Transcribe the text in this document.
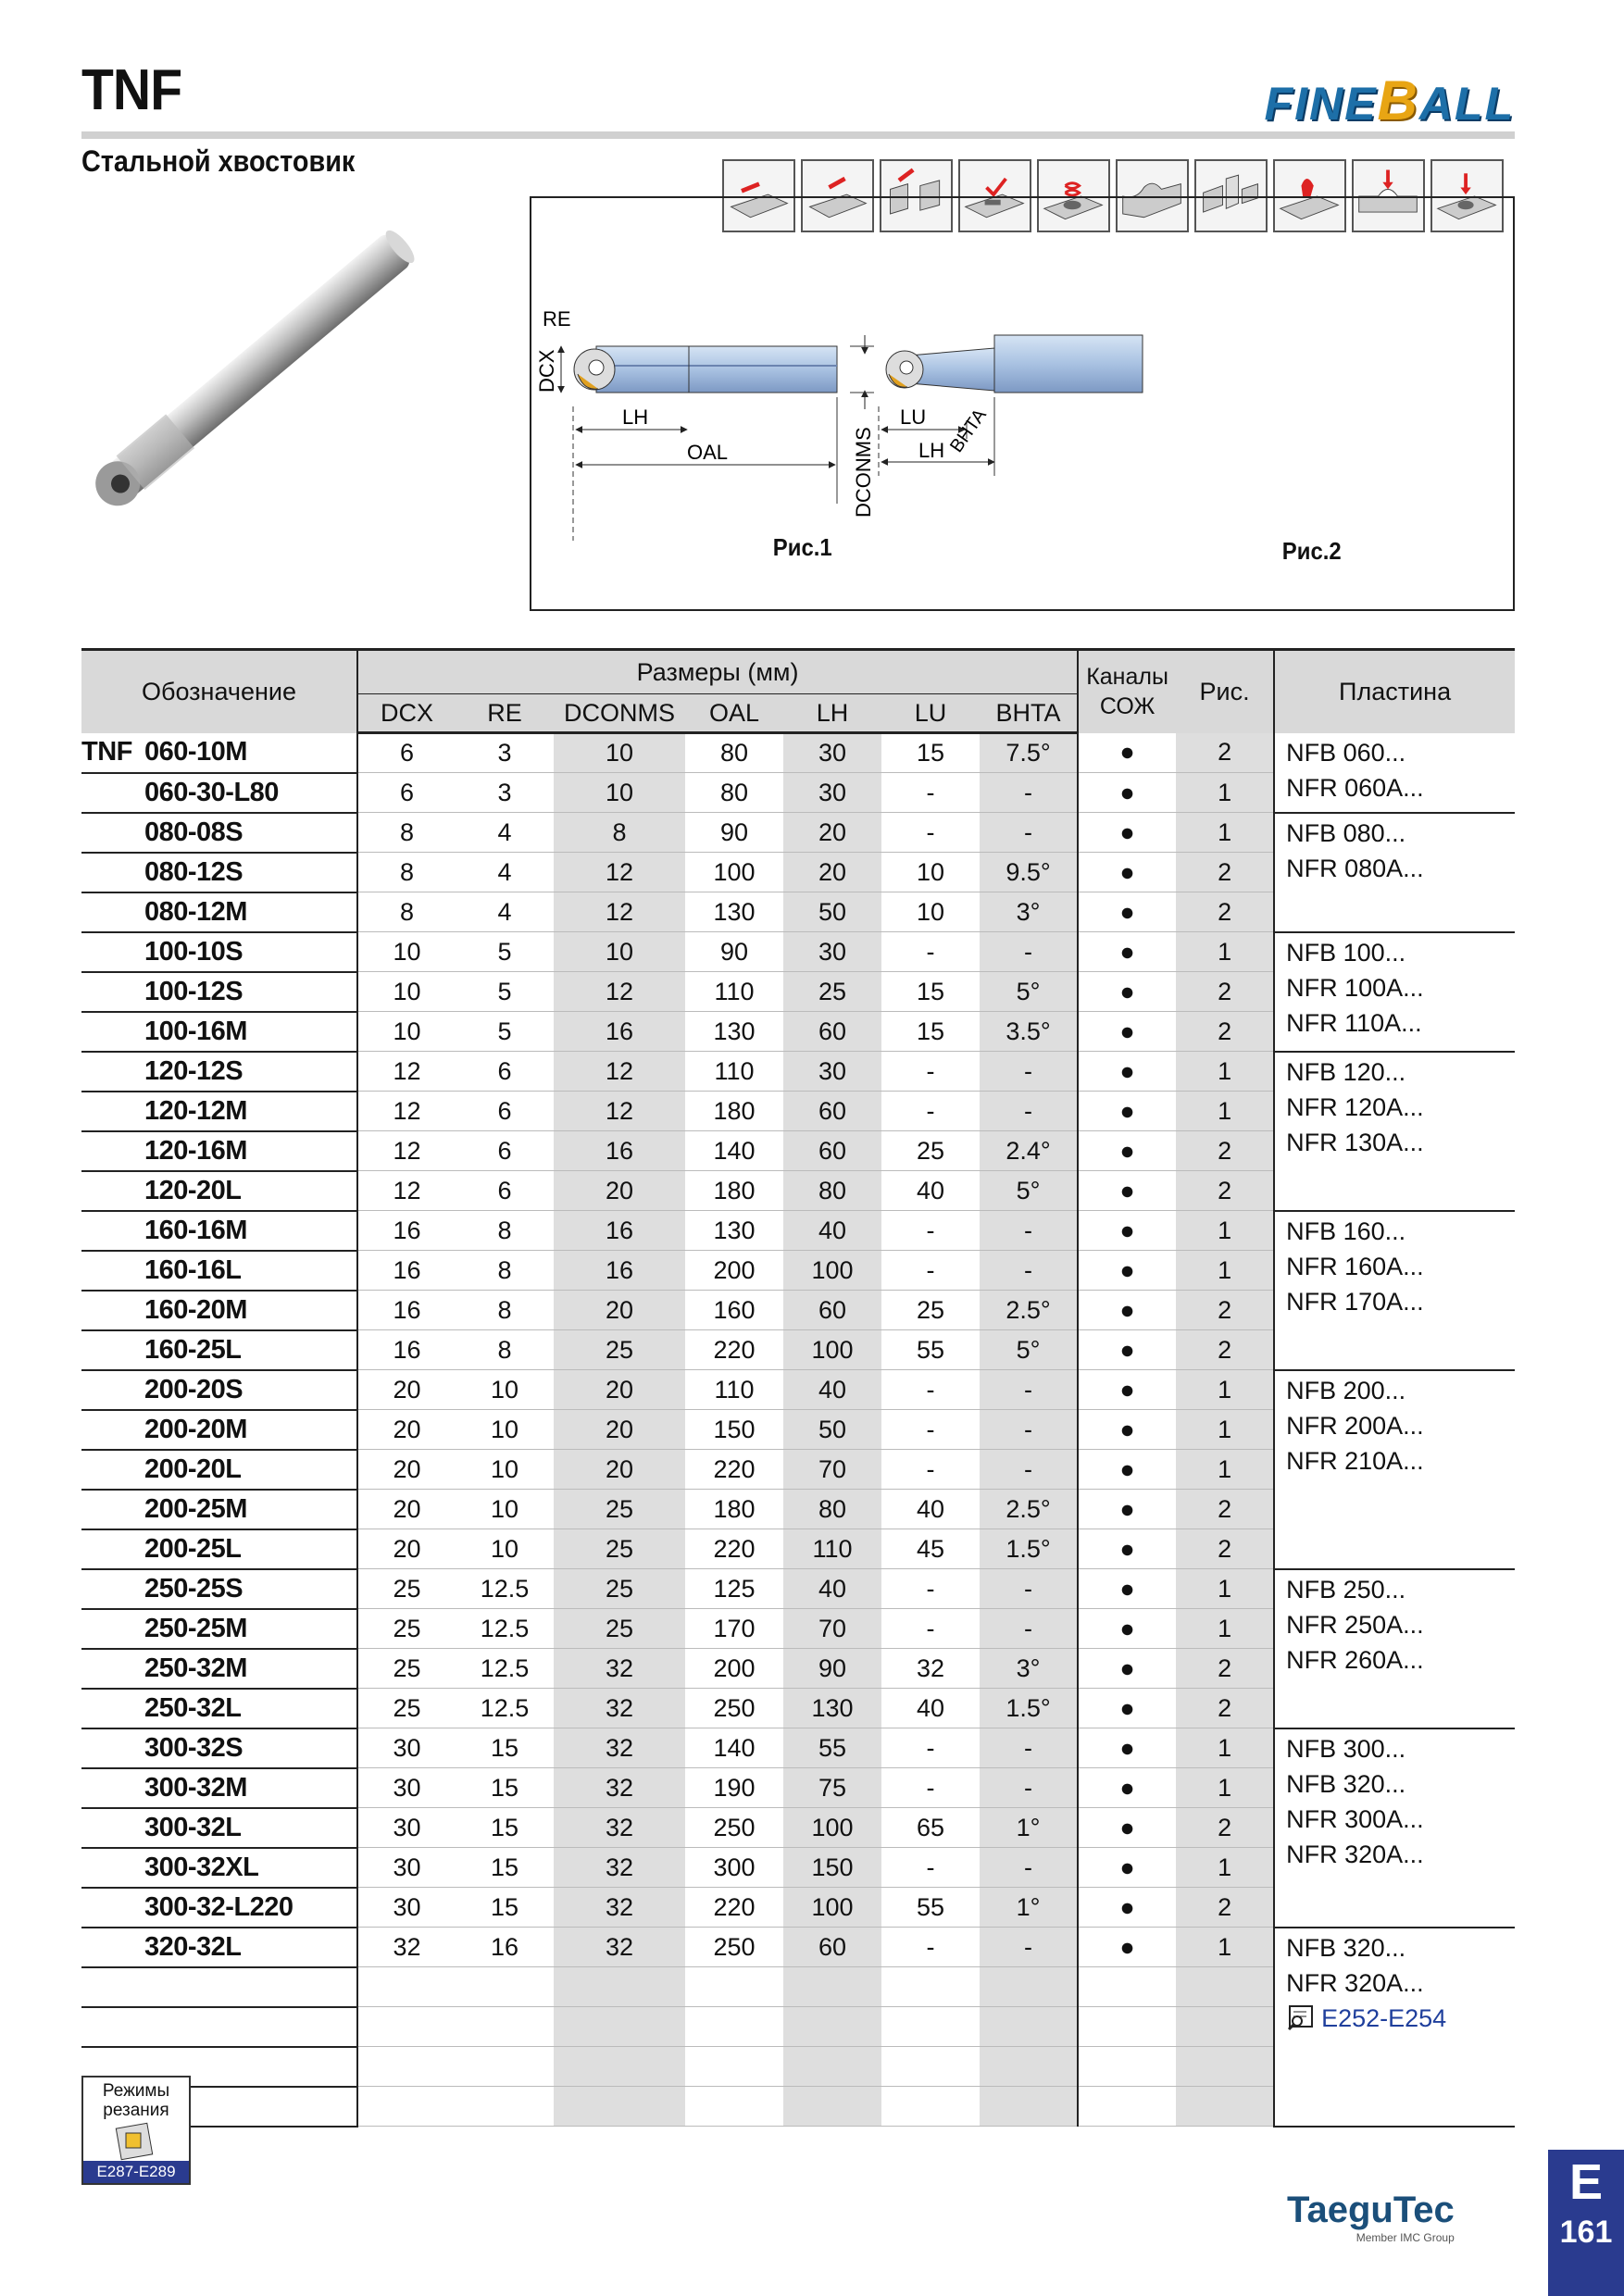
TNF	FINEBALL
Стальной хвостовик
RE
DCX
LH
OAL	DCONMS
LU
LH BHTA
Рис.1	Рис.2
Обозначение	Размеры (мм)							Каналы СОЖ	Рис.	Пластина
	DCX	RE	DCONMS	OAL	LH	LU	BHTA			
TNF 060-10M	6	3	10	80	30	15	7.5°	●	2	NFB 060...
NFR 060A...

060-30-L80	6	3	10	80	30	-	-	●	1	
080-08S	8	4	8	90	20	-	-	●	1	NFB 080...
NFR 080A...

080-12S	8	4	12	100	20	10	9.5°	●	2	
080-12M	8	4	12	130	50	10	3°	●	2	
100-10S	10	5	10	90	30	-	-	●	1	NFB 100...
NFR 100A...
NFR 110A...

100-12S	10	5	12	110	25	15	5°	●	2	
100-16M	10	5	16	130	60	15	3.5°	●	2	
120-12S	12	6	12	110	30	-	-	●	1	NFB 120...
NFR 120A...
NFR 130A...

120-12M	12	6	12	180	60	-	-	●	1	
120-16M	12	6	16	140	60	25	2.4°	●	2	
120-20L	12	6	20	180	80	40	5°	●	2	
160-16M	16	8	16	130	40	-	-	●	1	NFB 160...
NFR 160A...
NFR 170A...

160-16L	16	8	16	200	100	-	-	●	1	
160-20M	16	8	20	160	60	25	2.5°	●	2	
160-25L	16	8	25	220	100	55	5°	●	2	
200-20S	20	10	20	110	40	-	-	●	1	NFB 200...
NFR 200A...
NFR 210A...

200-20M	20	10	20	150	50	-	-	●	1	
200-20L	20	10	20	220	70	-	-	●	1	
200-25M	20	10	25	180	80	40	2.5°	●	2	
200-25L	20	10	25	220	110	45	1.5°	●	2	
250-25S	25	12.5	25	125	40	-	-	●	1	NFB 250...
NFR 250A...
NFR 260A...

250-25M	25	12.5	25	170	70	-	-	●	1	
250-32M	25	12.5	32	200	90	32	3°	●	2	
250-32L	25	12.5	32	250	130	40	1.5°	●	2	
300-32S	30	15	32	140	55	-	-	●	1	NFB 300...
NFB 320...
NFR 300A...
NFR 320A...

300-32M	30	15	32	190	75	-	-	●	1	
300-32L	30	15	32	250	100	65	1°	●	2	
300-32XL	30	15	32	300	150	-	-	●	1	
300-32-L220	30	15	32	220	100	55	1°	●	2	
320-32L	32	16	32	250	60	-	-	●	1	NFB 320...
NFR 320A...
E252-E254

Режимы резания
E287-E289
TaeguTec
Member IMC Group
E
161
